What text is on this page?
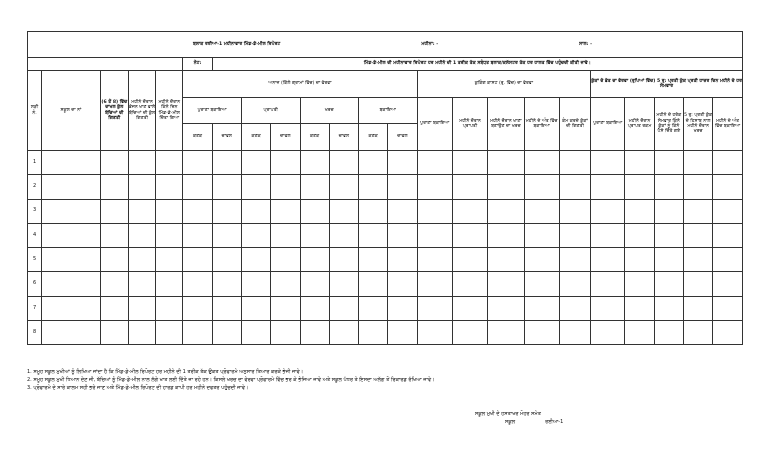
ਬਲਾਕ ਰਈਆ-1 ਮਹੀਨਾਵਾਰ ਮਿੱਡ-ਡੇ-ਮੀਲ ਰਿਪੋਰਟ ਮਹੀਨਾ: - ਸਾਲ: -																						

					ਨੋਟ:	ਮਿੱਡ-ਡੇ-ਮੀਲ ਦੀ ਮਹੀਨਾਵਾਰ ਰਿਪੋਰਟ ਹਰ ਮਹੀਨੇ ਦੀ 1 ਤਰੀਕ ਤੱਕ ਸਬੰਧਤ ਬਲਾਕ/ਕਲੱਸਟਰ ਤੱਕ ਹਰ ਹਾਲਤ ਵਿੱਚ ਪਹੁੰਚਦੀ ਕੀਤੀ ਜਾਵੇ।																
ਲੜੀ ਨੰ.	ਸਕੂਲ ਦਾ ਨਾਂ	(6 ਤੋਂ 8) ਵਿੱਚ ਦਾਖਲ ਕੁੱਲ ਬੱਚਿਆਂ ਦੀ ਗਿਣਤੀ	ਮਹੀਨੇ ਦੌਰਾਨ ਭੋਜਨ ਖਾਣ ਵਾਲੇ ਬੱਚਿਆਂ ਦੀ ਕੁੱਲ ਗਿਣਤੀ	ਮਹੀਨੇ ਦੌਰਾਨ ਕਿੰਨੇ ਦਿਨ ਮਿੱਡ-ਡੇ-ਮੀਲ ਦਿੱਤਾ ਗਿਆ	ਅਨਾਜ (ਕਿੱਲੋ ਗ੍ਰਾਮਾਂ ਵਿੱਚ) ਦਾ ਵੇਰਵਾ								ਕੁਕਿੰਗ ਕਾਸਟ (ਰੁ. ਵਿੱਚ) ਦਾ ਵੇਰਵਾ					ਕੁੱਕਾਂ ਦੇ ਭੱਤ ਦਾ ਵੇਰਵਾ (ਰੁਪਿਆਂ ਵਿੱਚ) 5 ਰੁ: ਪ੍ਰਤੀ ਕੁੱਕ ਪ੍ਰਤੀ ਹਾਜ਼ਰ ਦਿਨ ਮਹੀਨੇ ਦੇ ਹਰ ਸੋਮਵਾਰ				
					ਪੁਰਾਣਾ ਬਕਾਇਆ		ਪ੍ਰਾਪਤੀ		ਖਰਚ		ਬਕਾਇਆ		ਪੁਰਾਣਾ ਬਕਾਇਆ	ਮਹੀਨੇ ਦੌਰਾਨ ਪ੍ਰਾਪਤੀ	ਮਹੀਨੇ ਦੌਰਾਨ ਖਾਣਾ ਬਣਾਉਣ ਦਾ ਖਰਚ	ਮਹੀਨੇ ਦੇ ਅੰਤ ਵਿੱਚ ਬਕਾਇਆ	ਕੰਮ ਕਰਦੇ ਕੁੱਕਾਂ ਦੀ ਗਿਣਤੀ	ਪੁਰਾਣਾ ਬਕਾਇਆ	ਮਹੀਨੇ ਦੌਰਾਨ ਪ੍ਰਾਪਤ ਰਕਮ	ਮਹੀਨੇ ਦੇ ਹਰੇਕ ਸੋਮਵਾਰ ਕਿੰਨੇ ਕੁੱਕਾਂ ਨੂੰ ਕਿੰਨੇ ਪੈਸੇ ਦਿੱਤੇ ਗਏ	5 ਰੁ: ਪ੍ਰਤੀ ਕੁੱਕ ਦੇ ਹਿਸਾਬ ਨਾਲ ਮਹੀਨੇ ਦੌਰਾਨ ਖਰਚ	ਮਹੀਨੇ ਦੇ ਅੰਤ ਵਿੱਚ ਬਕਾਇਆ
					ਕਣਕ	ਚਾਵਲ	ਕਣਕ	ਚਾਵਲ	ਕਣਕ	ਚਾਵਲ	ਕਣਕ	ਚਾਵਲ										
1																						
2																						
3																						
4																						
5																						
6																						
7																						
8																						
1. ਸਮੂਹ ਸਕੂਲ ਮੁਖੀਆਂ ਨੂੰ ਲਿਖਿਆ ਜਾਂਦਾ ਹੈ ਕਿ ਮਿੱਡ-ਡੇ-ਮੀਲ ਰਿਪੋਰਟ ਹਰ ਮਹੀਨੇ ਦੀ 1 ਤਰੀਕ ਤੱਕ ਉਕਤ ਪ੍ਰੋਫਾਰਮੇ ਅਨੁਸਾਰ ਤਿਆਰ ਕਰਕੇ ਭੇਜੀ ਜਾਵੇ।
2. ਸਮੂਹ ਸਕੂਲ ਮੁਖੀ ਧਿਆਨ ਦੇਣ ਜੀ, ਬੱਚਿਆਂ ਨੂੰ ਮਿੱਡ-ਡੇ-ਮੀਲ ਨਾਲ ਲੱਗੇ ਖਾਤ ਲਈ ਦਿੱਤੇ ਜਾ ਰਹੇ ਹਨ। ਕਿਸਲੇ ਖਰਚ ਦਾ ਵੇਰਵਾ ਪ੍ਰੋਫਾਰਮੇ ਵਿੱਚ ਭਰ ਕੇ ਭੇਜਿਆ ਜਾਵੇ ਅਤੇ ਸਕੂਲ ਪੱਧਰ ਤੇ ਇਸਦਾ ਅਲੱਗ ਤੋਂ ਰਿਕਾਰਡ ਰੱਖਿਆ ਜਾਵੇ।
3. ਪ੍ਰੋਫਾਰਮੇ ਦੇ ਸਾਰੇ ਕਾਲਮ ਸਹੀ ਭਰੇ ਜਾਣ ਅਤੇ ਮਿੱਡ-ਡੇ-ਮੀਲ ਰਿਪੋਰਟ ਦੀ ਹਾਰਡ ਕਾਪੀ ਹਰ ਮਹੀਨੇ ਦਫਤਰ ਪਹੁੰਚਦੀ ਜਾਵੇ।
ਸਕੂਲ ਮੁਖੀ ਦੇ ਹਸਤਾਖਰ ਮੋਹਰ ਸਮੇਤ
ਸਕੂਲ	ਰਈਆ-1
